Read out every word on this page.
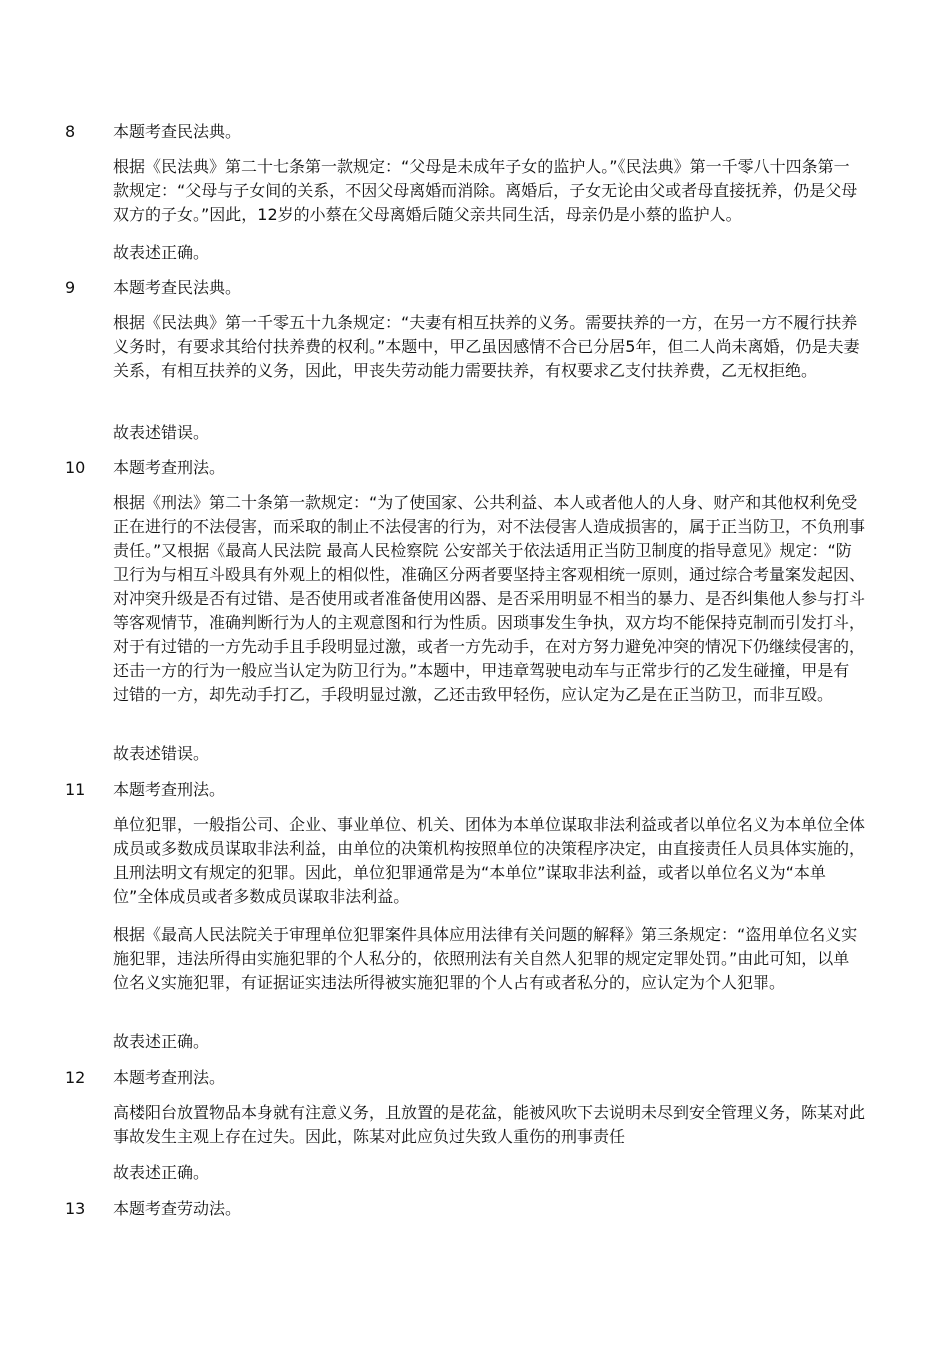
8	本题考查民法典。

根据《民法典》第二十七条第一款规定：“父母是未成年子女的监护人。”《民法典》第一千零八十四条第一款规定：“父母与子女间的关系，不因父母离婚而消除。离婚后，子女无论由父或者母直接抚养，仍是父母双方的子女。”因此，12岁的小蔡在父母离婚后随父亲共同生活，母亲仍是小蔡的监护人。

故表述正确。

9	本题考查民法典。

根据《民法典》第一千零五十九条规定：“夫妻有相互扶养的义务。需要扶养的一方，在另一方不履行扶养义务时，有要求其给付扶养费的权利。”本题中，甲乙虽因感情不合已分居5年，但二人尚未离婚，仍是夫妻关系，有相互扶养的义务，因此，甲丧失劳动能力需要扶养，有权要求乙支付扶养费，乙无权拒绝。

故表述错误。

10	本题考查刑法。

根据《刑法》第二十条第一款规定：“为了使国家、公共利益、本人或者他人的人身、财产和其他权利免受正在进行的不法侵害，而采取的制止不法侵害的行为，对不法侵害人造成损害的，属于正当防卫，不负刑事责任。”又根据《最高人民法院 最高人民检察院 公安部关于依法适用正当防卫制度的指导意见》规定：“防卫行为与相互斗殴具有外观上的相似性，准确区分两者要坚持主客观相统一原则，通过综合考量案发起因、对冲突升级是否有过错、是否使用或者准备使用凶器、是否采用明显不相当的暴力、是否纠集他人参与打斗等客观情节，准确判断行为人的主观意图和行为性质。因琐事发生争执，双方均不能保持克制而引发打斗，对于有过错的一方先动手且手段明显过激，或者一方先动手，在对方努力避免冲突的情况下仍继续侵害的，还击一方的行为一般应当认定为防卫行为。”本题中，甲违章驾驶电动车与正常步行的乙发生碰撞，甲是有过错的一方，却先动手打乙，手段明显过激，乙还击致甲轻伤，应认定为乙是在正当防卫，而非互殴。

故表述错误。

11	本题考查刑法。

单位犯罪，一般指公司、企业、事业单位、机关、团体为本单位谋取非法利益或者以单位名义为本单位全体成员或多数成员谋取非法利益，由单位的决策机构按照单位的决策程序决定，由直接责任人员具体实施的，且刑法明文有规定的犯罪。因此，单位犯罪通常是为“本单位”谋取非法利益，或者以单位名义为“本单位”全体成员或者多数成员谋取非法利益。

根据《最高人民法院关于审理单位犯罪案件具体应用法律有关问题的解释》第三条规定：“盗用单位名义实施犯罪，违法所得由实施犯罪的个人私分的，依照刑法有关自然人犯罪的规定定罪处罚。”由此可知，以单位名义实施犯罪，有证据证实违法所得被实施犯罪的个人占有或者私分的，应认定为个人犯罪。

故表述正确。

12	本题考查刑法。

高楼阳台放置物品本身就有注意义务，且放置的是花盆，能被风吹下去说明未尽到安全管理义务，陈某对此事故发生主观上存在过失。因此，陈某对此应负过失致人重伤的刑事责任

故表述正确。

13	本题考查劳动法。
